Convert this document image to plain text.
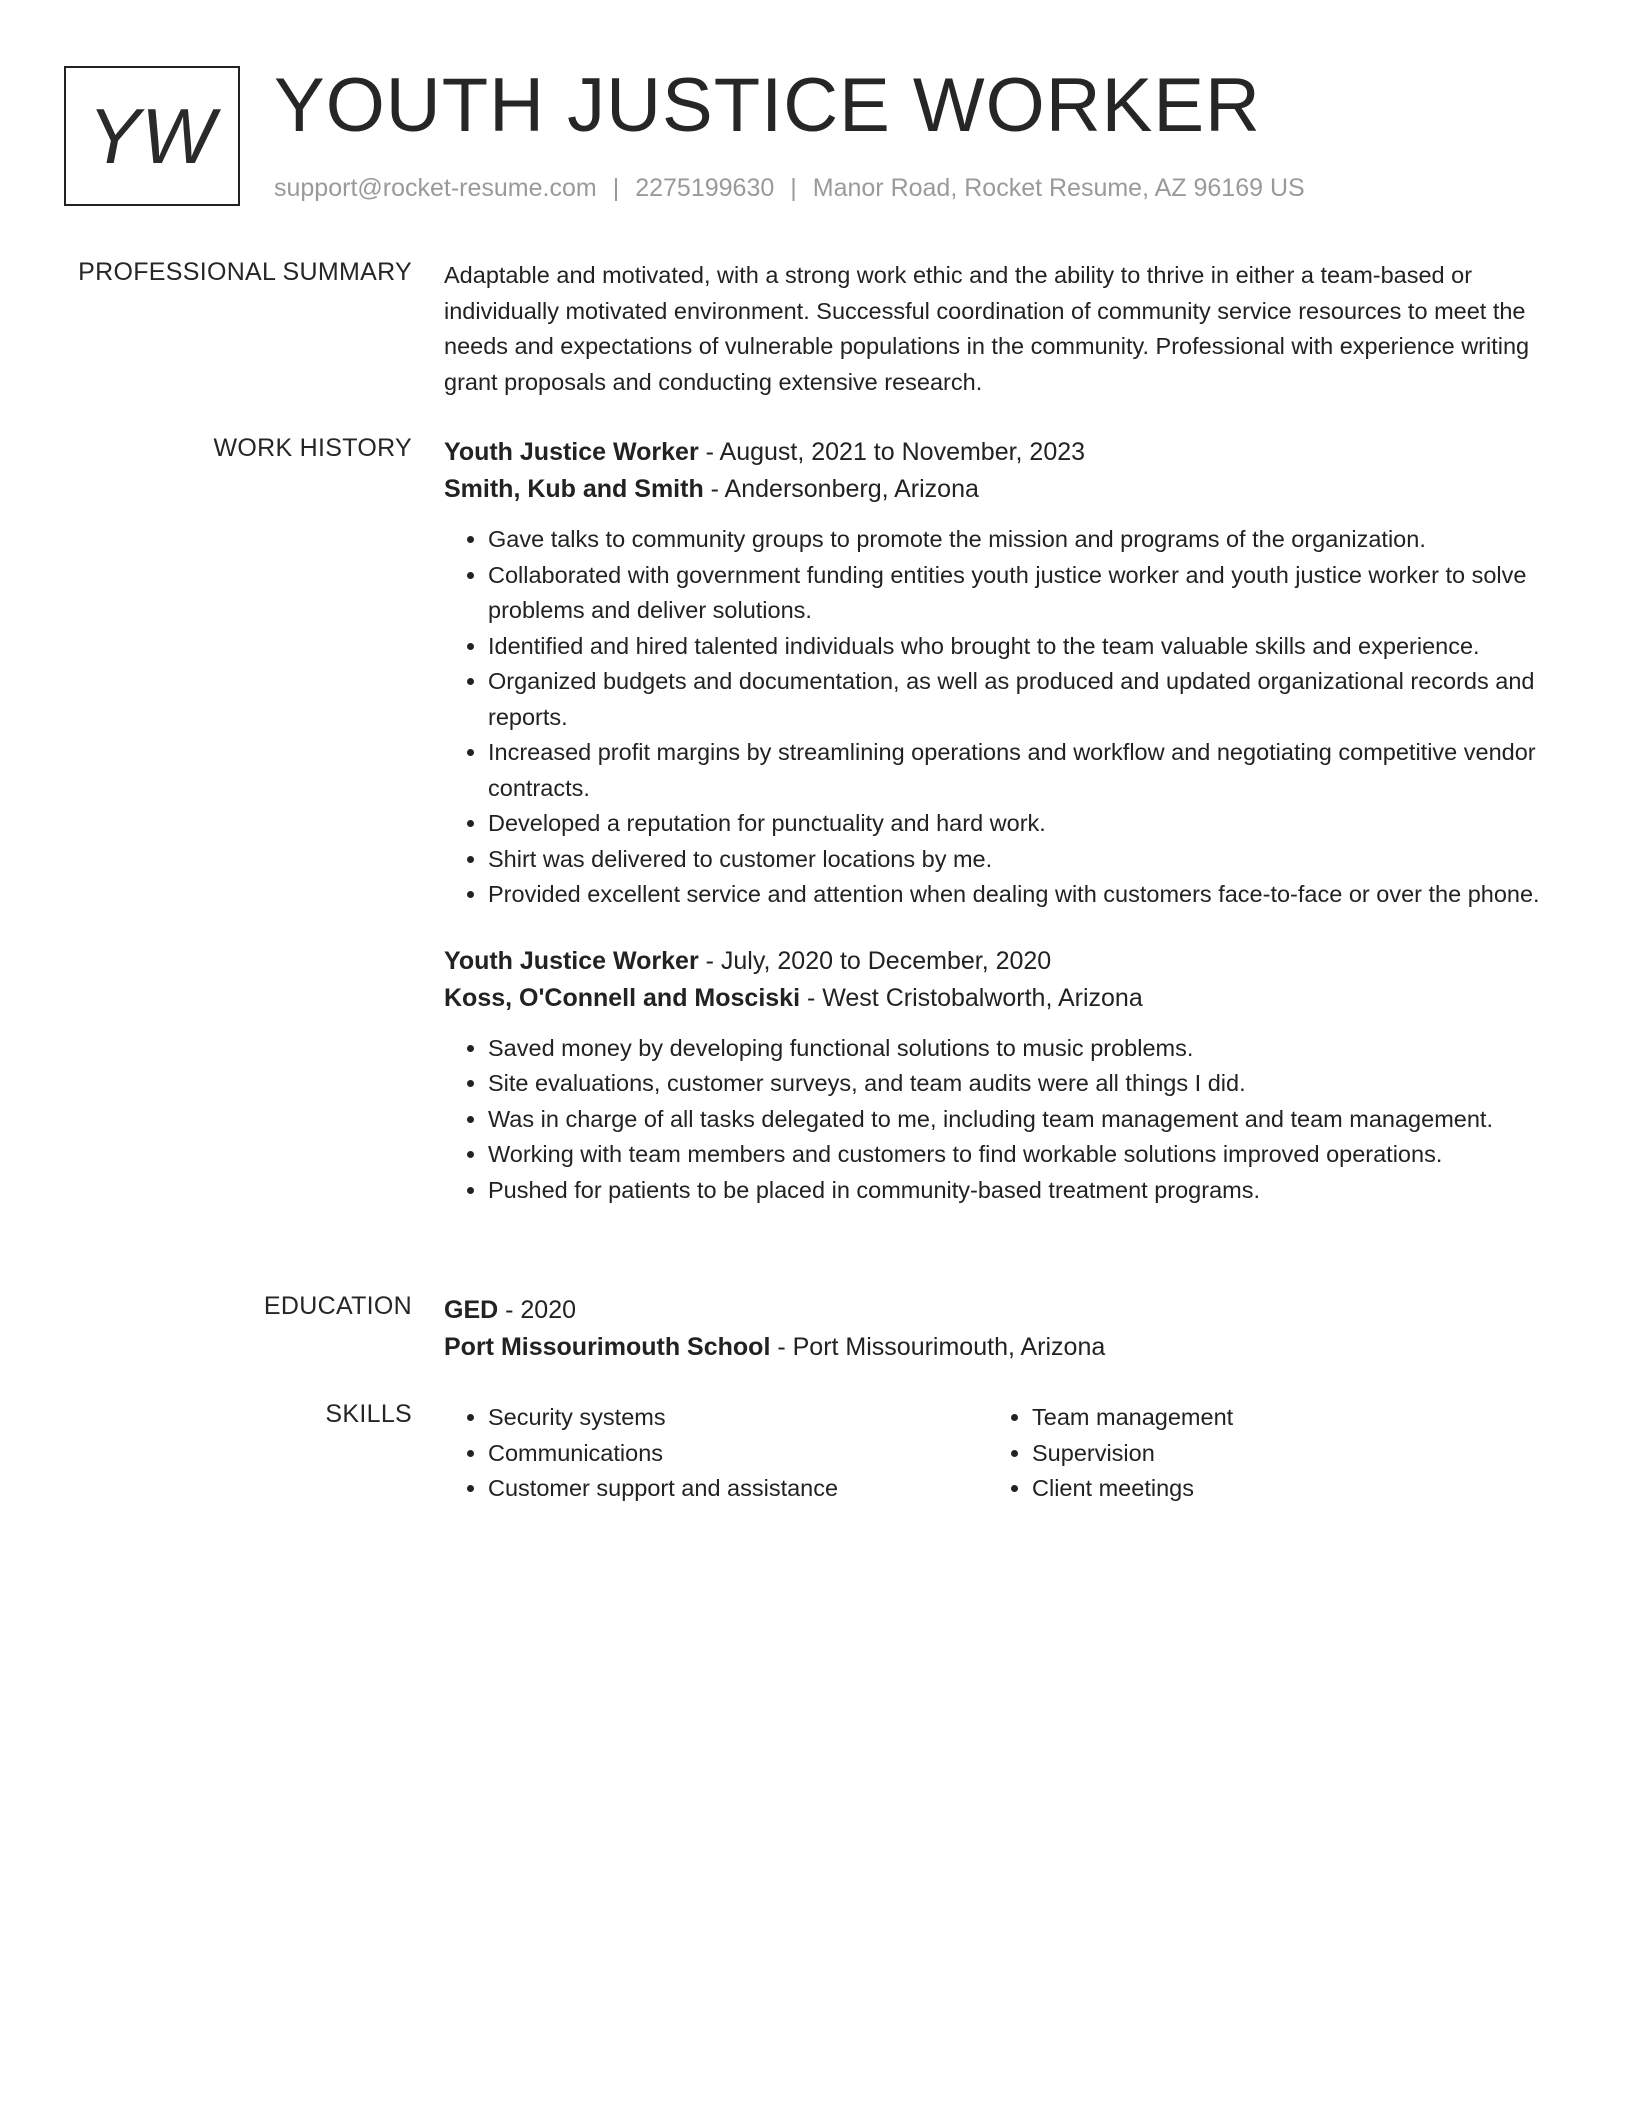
YW YOUTH JUSTICE WORKER
support@rocket-resume.com | 2275199630 | Manor Road, Rocket Resume, AZ 96169 US
PROFESSIONAL SUMMARY Adaptable and motivated, with a strong work ethic and the ability to thrive in either a team-based or individually motivated environment. Successful coordination of community service resources to meet the needs and expectations of vulnerable populations in the community. Professional with experience writing grant proposals and conducting extensive research.

WORK HISTORY Youth Justice Worker - August, 2021 to November, 2023
Smith, Kub and Smith - Andersonberg, Arizona
• Gave talks to community groups to promote the mission and programs of the organization.
• Collaborated with government funding entities youth justice worker and youth justice worker to solve problems and deliver solutions.
• Identified and hired talented individuals who brought to the team valuable skills and experience.
• Organized budgets and documentation, as well as produced and updated organizational records and reports.
• Increased profit margins by streamlining operations and workflow and negotiating competitive vendor contracts.
• Developed a reputation for punctuality and hard work.
• Shirt was delivered to customer locations by me.
• Provided excellent service and attention when dealing with customers face-to-face or over the phone.
Youth Justice Worker - July, 2020 to December, 2020
Koss, O'Connell and Mosciski - West Cristobalworth, Arizona
• Saved money by developing functional solutions to music problems.
• Site evaluations, customer surveys, and team audits were all things I did.
• Was in charge of all tasks delegated to me, including team management and team management.
• Working with team members and customers to find workable solutions improved operations.
• Pushed for patients to be placed in community-based treatment programs.
EDUCATION GED - 2020
Port Missourimouth School - Port Missourimouth, Arizona
SKILLS
•	Security systems
• Communications
• Customer support and assistance
• Team management
• Supervision
• Client meetings
